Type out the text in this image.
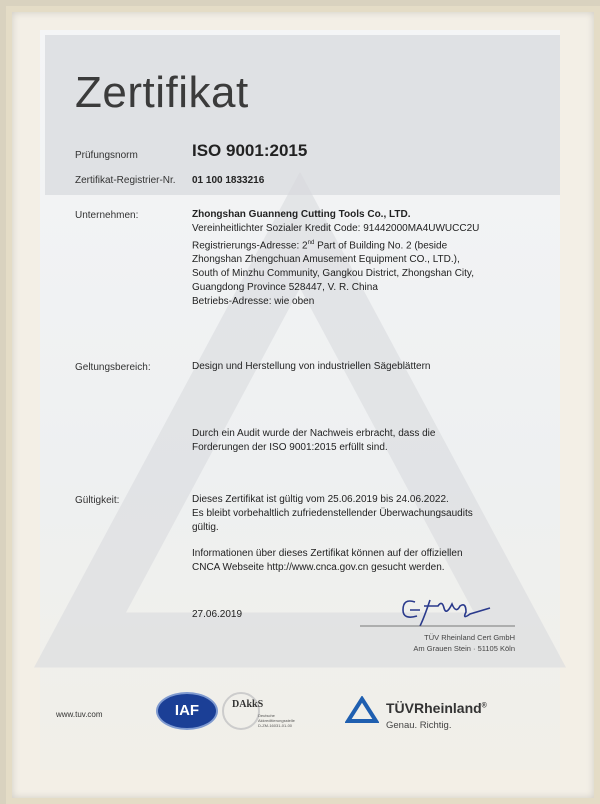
Zertifikat
Prüfungsnorm	ISO 9001:2015
Zertifikat-Registrier-Nr. 01 100 1833216
Unternehmen:	Zhongshan Guanneng Cutting Tools Co., LTD.
Vereinheitlichter Sozialer Kredit Code: 91442000MA4UWUCC2U
Registrierungs-Adresse: 2nd Part of Building No. 2 (beside
Zhongshan Zhengchuan Amusement Equipment CO., LTD.),
South of Minzhu Community, Gangkou District, Zhongshan City,
Guangdong Province 528447, V. R. China
Betriebs-Adresse: wie oben
Geltungsbereich:	Design und Herstellung von industriellen Sägeblättern
Durch ein Audit wurde der Nachweis erbracht, dass die
Forderungen der ISO 9001:2015 erfüllt sind.
Gültigkeit:	Dieses Zertifikat ist gültig vom 25.06.2019 bis 24.06.2022.
Es bleibt vorbehaltlich zufriedenstellender Überwachungsaudits
gültig.
Informationen über dieses Zertifikat können auf der offiziellen
CNCA Webseite http://www.cnca.gov.cn gesucht werden.
27.06.2019
TÜV Rheinland Cert GmbH
Am Grauen Stein · 51105 Köln
www.tuv.com	IAF	DAkkS
Deutsche
Akkreditierungsstelle
D-ZM-16031-01-00
TÜVRheinland®
Genau. Richtig.
